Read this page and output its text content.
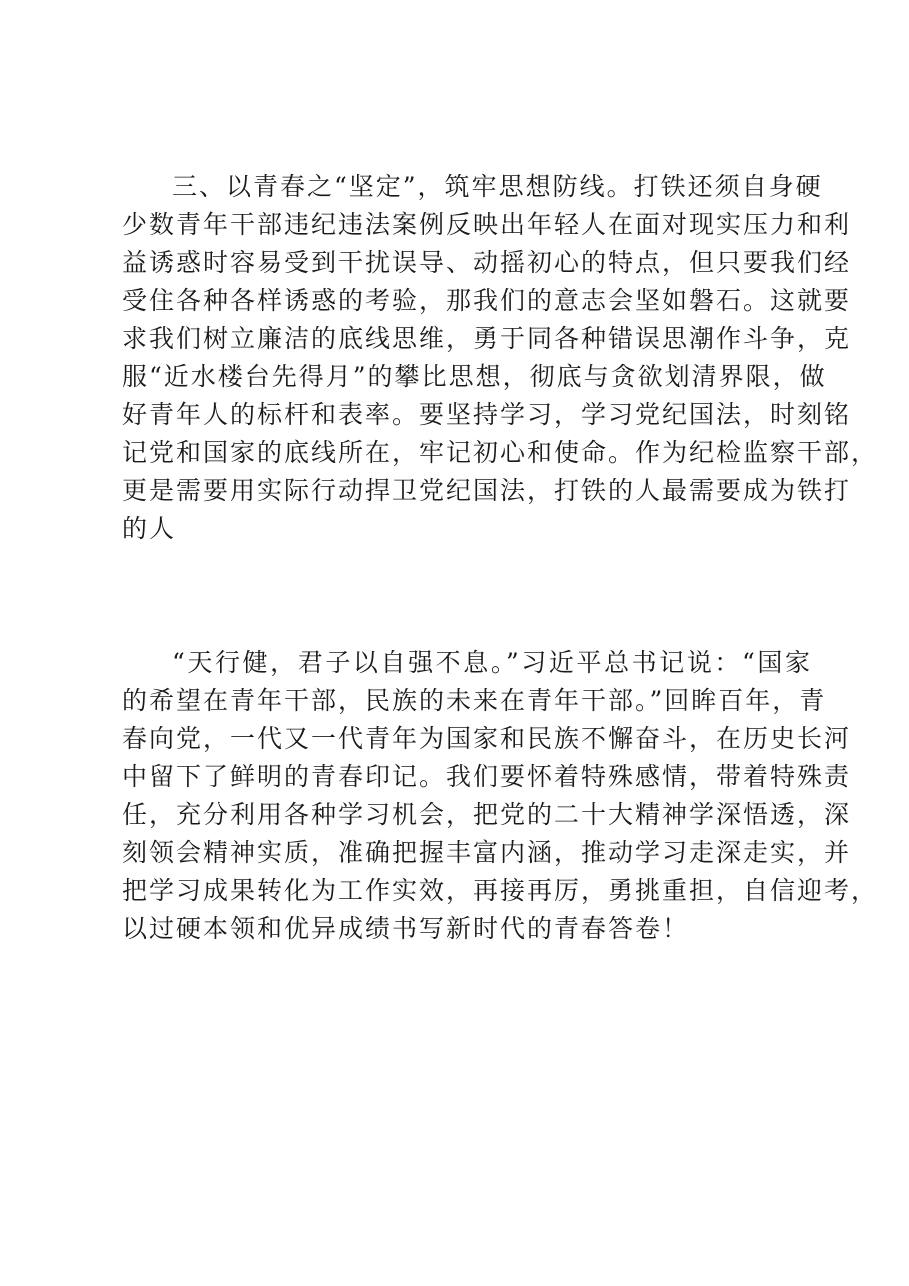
三、以青春之“坚定”，筑牢思想防线。打铁还须自身硬
少数青年干部违纪违法案例反映出年轻人在面对现实压力和利
益诱惑时容易受到干扰误导、动摇初心的特点，但只要我们经
受住各种各样诱惑的考验，那我们的意志会坚如磐石。这就要
求我们树立廉洁的底线思维，勇于同各种错误思潮作斗争，克
服“近水楼台先得月”的攀比思想，彻底与贪欲划清界限，做
好青年人的标杆和表率。要坚持学习，学习党纪国法，时刻铭
记党和国家的底线所在，牢记初心和使命。作为纪检监察干部，
更是需要用实际行动捍卫党纪国法，打铁的人最需要成为铁打
的人
“天行健，君子以自强不息。”习近平总书记说：“国家
的希望在青年干部，民族的未来在青年干部。”回眸百年，青
春向党，一代又一代青年为国家和民族不懈奋斗，在历史长河
中留下了鲜明的青春印记。我们要怀着特殊感情，带着特殊责
任，充分利用各种学习机会，把党的二十大精神学深悟透，深
刻领会精神实质，准确把握丰富内涵，推动学习走深走实，并
把学习成果转化为工作实效，再接再厉，勇挑重担，自信迎考，
以过硬本领和优异成绩书写新时代的青春答卷！
